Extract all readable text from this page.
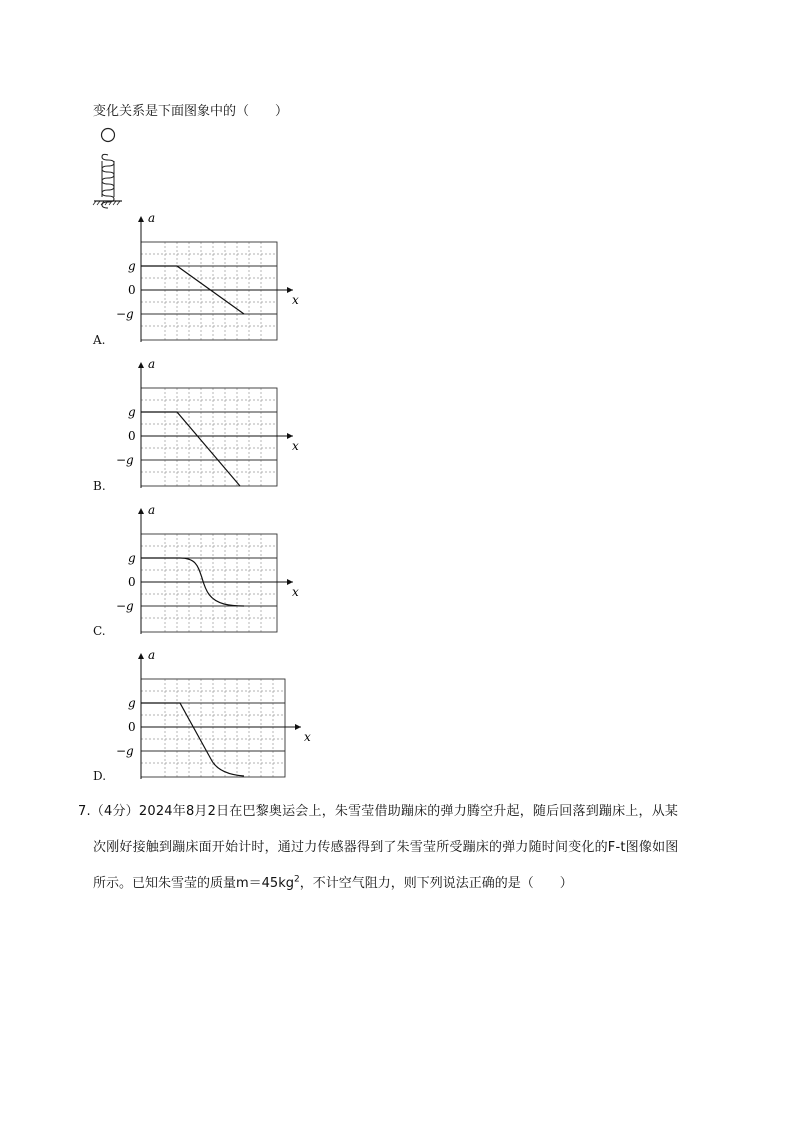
变化关系是下面图象中的（　　）
a
x
g
0
−g
A.
a
x
g
0
−g
B.
a
x
g
0
−g
C.
a
x
g
0
−g
D.
7.（4分）2024年8月2日在巴黎奥运会上，朱雪莹借助蹦床的弹力腾空升起，随后回落到蹦床上，从某
次刚好接触到蹦床面开始计时，通过力传感器得到了朱雪莹所受蹦床的弹力随时间变化的F-t图像如图
所示。已知朱雪莹的质量$m=45kg^2$，不计空气阻力，则下列说法正确的是（　　）
